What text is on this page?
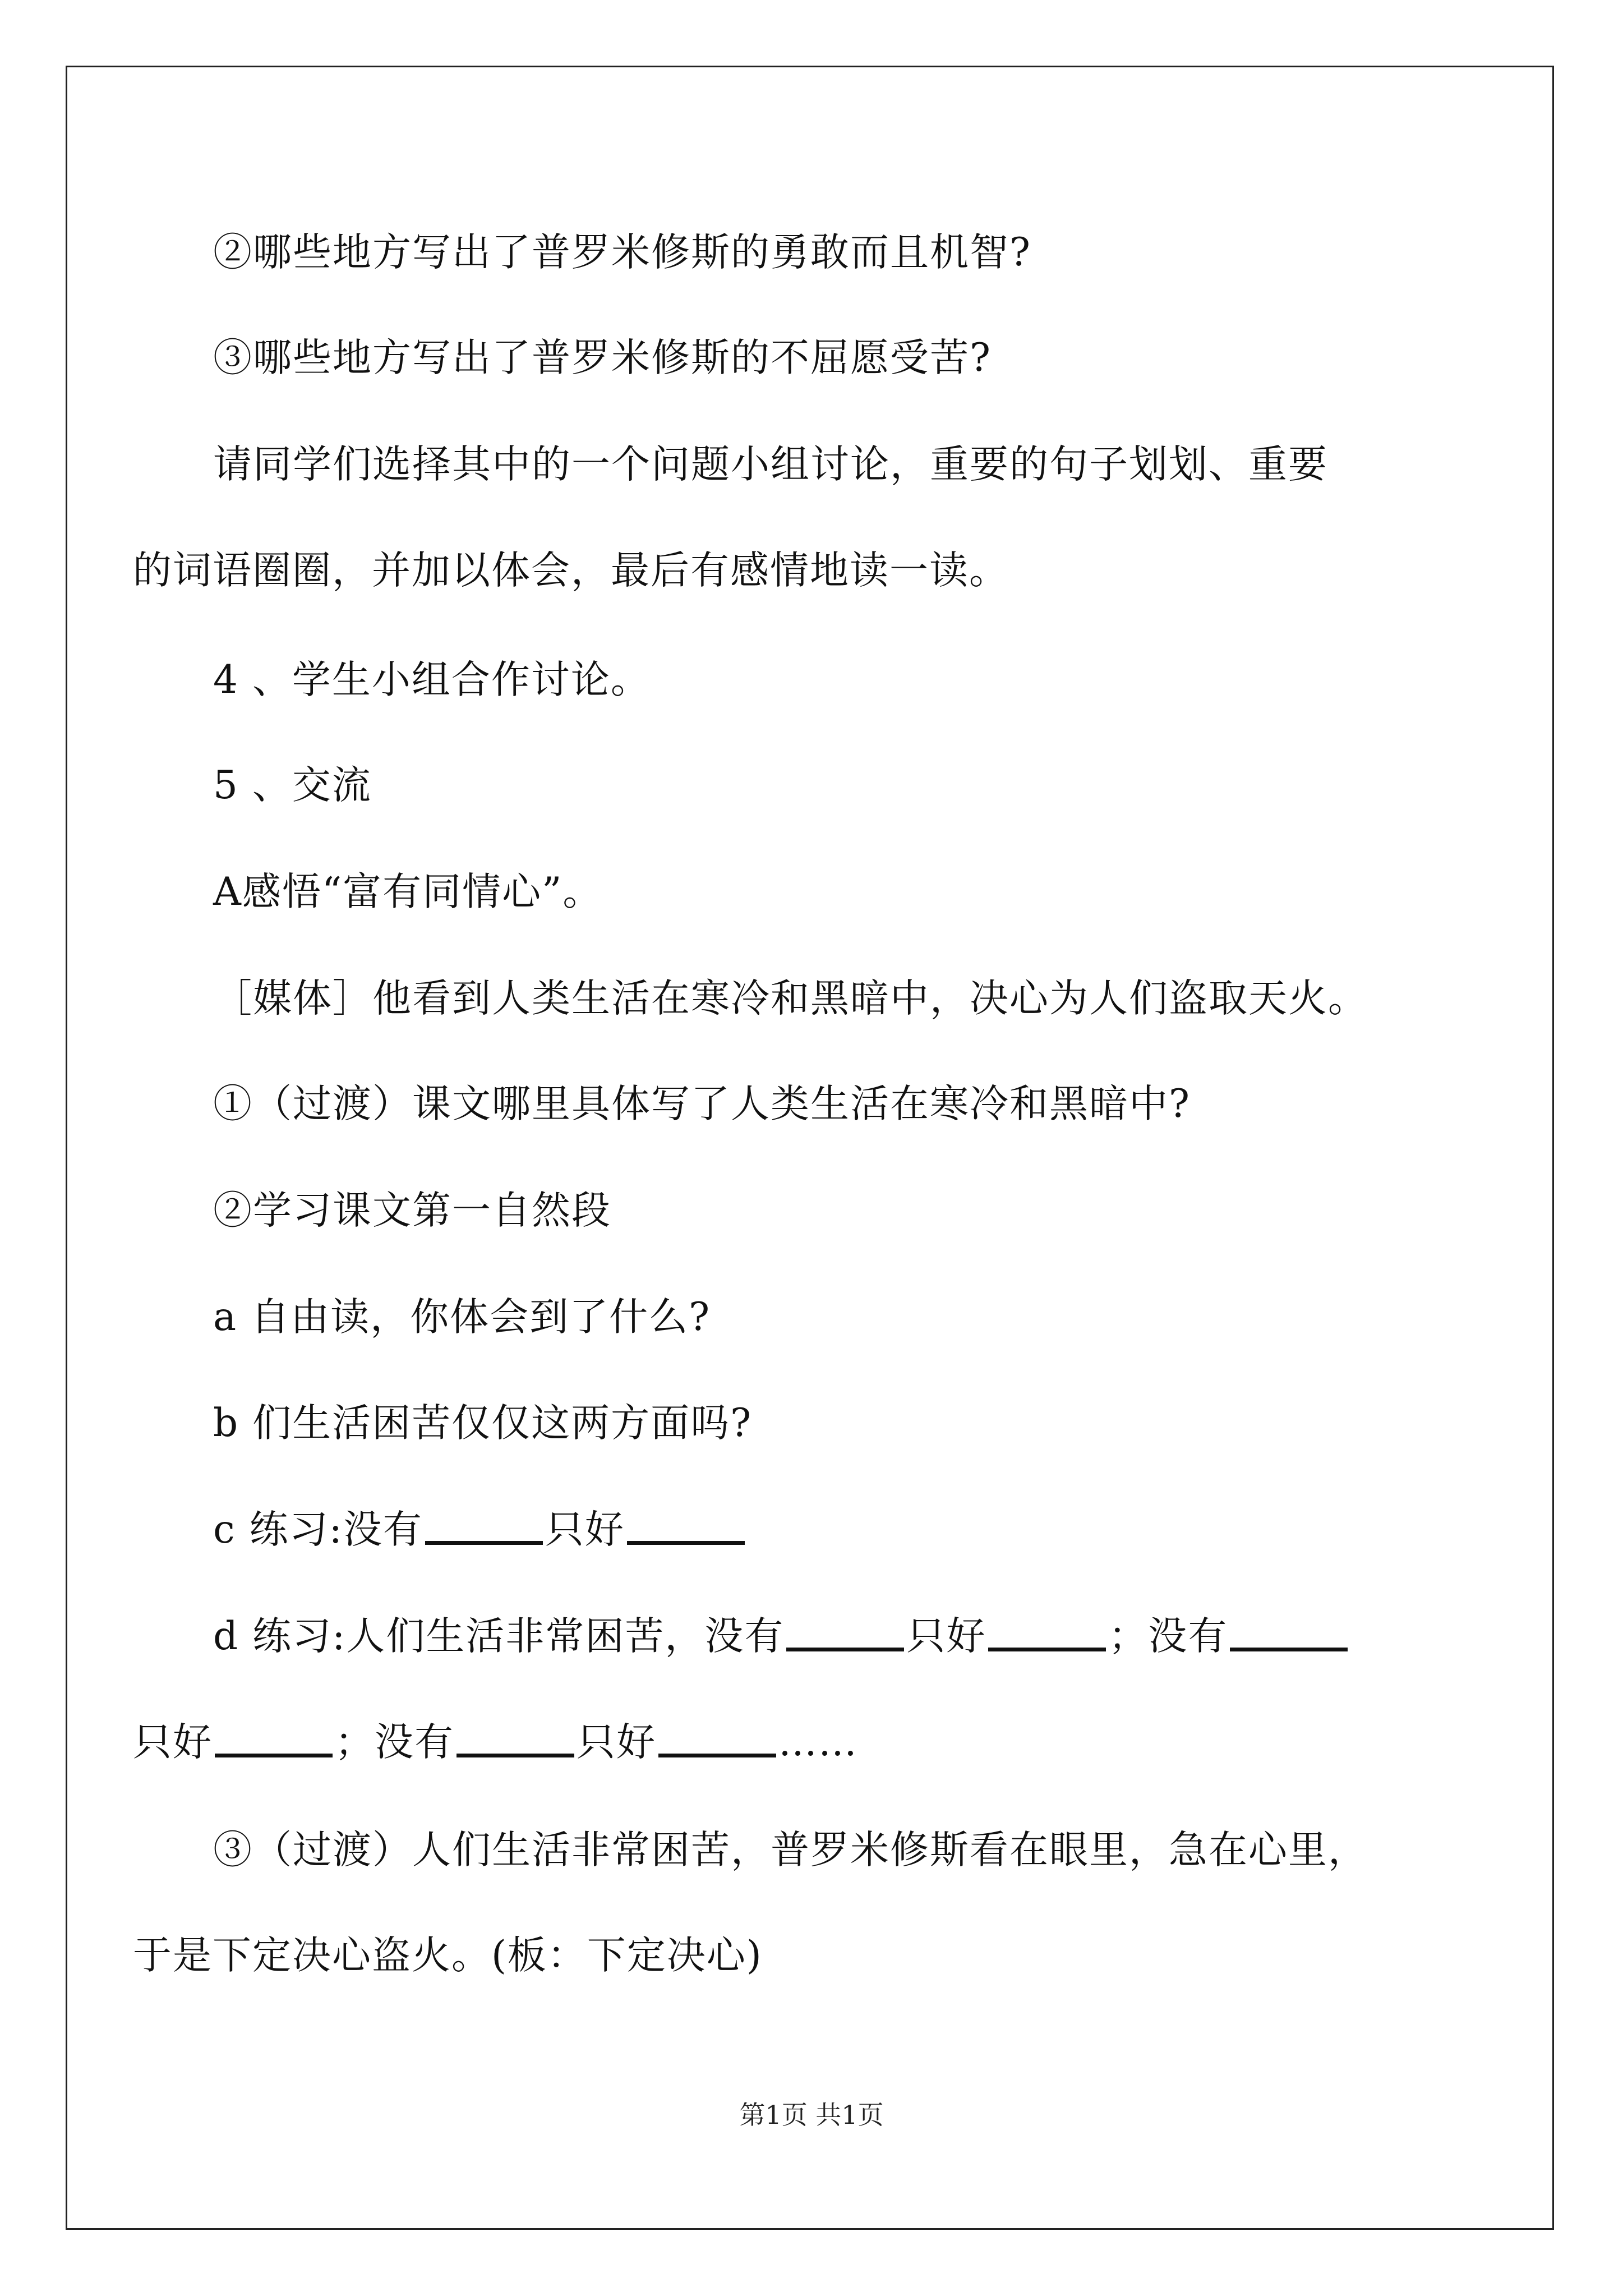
②哪些地方写出了普罗米修斯的勇敢而且机智?
③哪些地方写出了普罗米修斯的不屈愿受苦?
请同学们选择其中的一个问题小组讨论，重要的句子划划、重要
的词语圈圈，并加以体会，最后有感情地读一读。
4 、学生小组合作讨论。
5 、交流
A感悟“富有同情心”。
［媒体］他看到人类生活在寒冷和黑暗中，决心为人们盗取天火。
①（过渡）课文哪里具体写了人类生活在寒冷和黑暗中?
②学习课文第一自然段
a 自由读，你体会到了什么?
b 们生活困苦仅仅这两方面吗?
c 练习:没有	只好
d 练习:人们生活非常困苦，没有	只好	；没有
只好	；没有	只好	……
③（过渡）人们生活非常困苦，普罗米修斯看在眼里，急在心里，
于是下定决心盗火。(板：下定决心)
第1页 共1页
